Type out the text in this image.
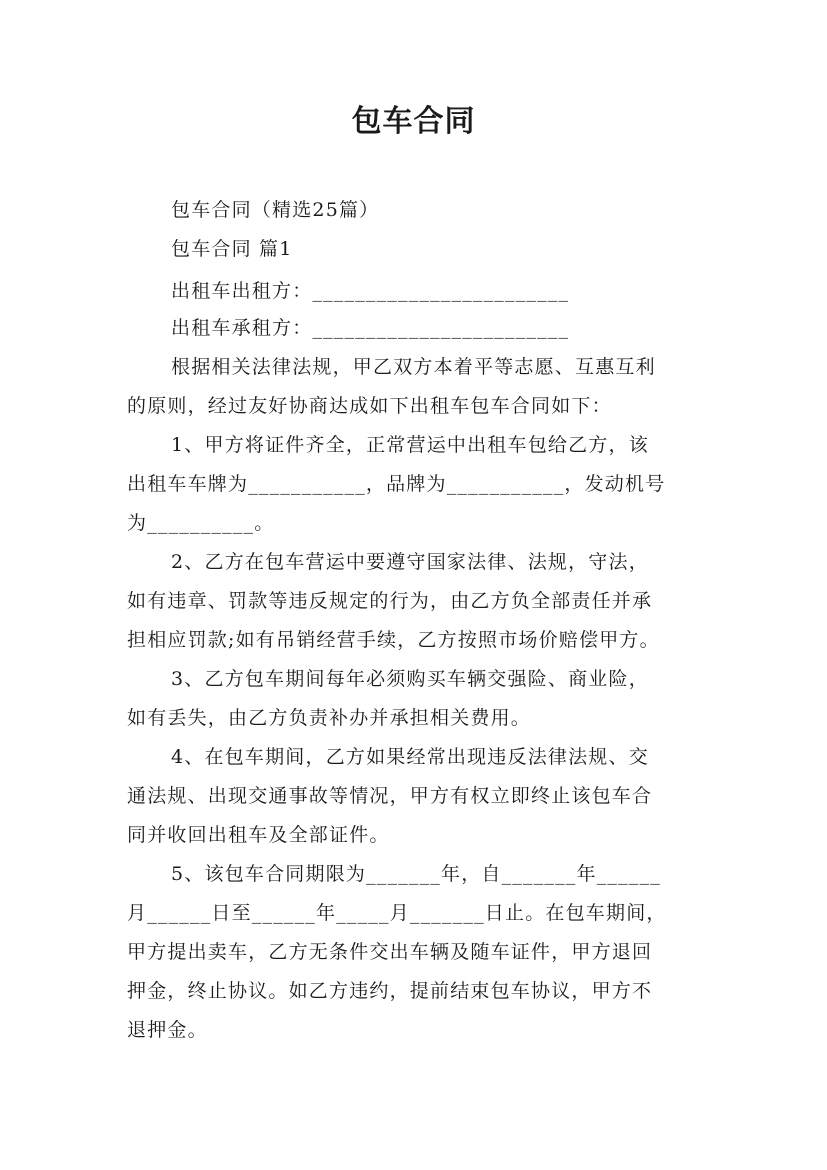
包车合同
包车合同（精选25篇）
包车合同 篇1
出租车出租方：________________________
出租车承租方：________________________
根据相关法律法规，甲乙双方本着平等志愿、互惠互利
的原则，经过友好协商达成如下出租车包车合同如下：
1、甲方将证件齐全，正常营运中出租车包给乙方，该
出租车车牌为___________，品牌为___________，发动机号
为__________。
2、乙方在包车营运中要遵守国家法律、法规，守法，
如有违章、罚款等违反规定的行为，由乙方负全部责任并承
担相应罚款;如有吊销经营手续，乙方按照市场价赔偿甲方。
3、乙方包车期间每年必须购买车辆交强险、商业险，
如有丢失，由乙方负责补办并承担相关费用。
4、在包车期间，乙方如果经常出现违反法律法规、交
通法规、出现交通事故等情况，甲方有权立即终止该包车合
同并收回出租车及全部证件。
5、该包车合同期限为_______年，自_______年______
月______日至______年_____月_______日止。在包车期间，
甲方提出卖车，乙方无条件交出车辆及随车证件，甲方退回
押金，终止协议。如乙方违约，提前结束包车协议，甲方不
退押金。
